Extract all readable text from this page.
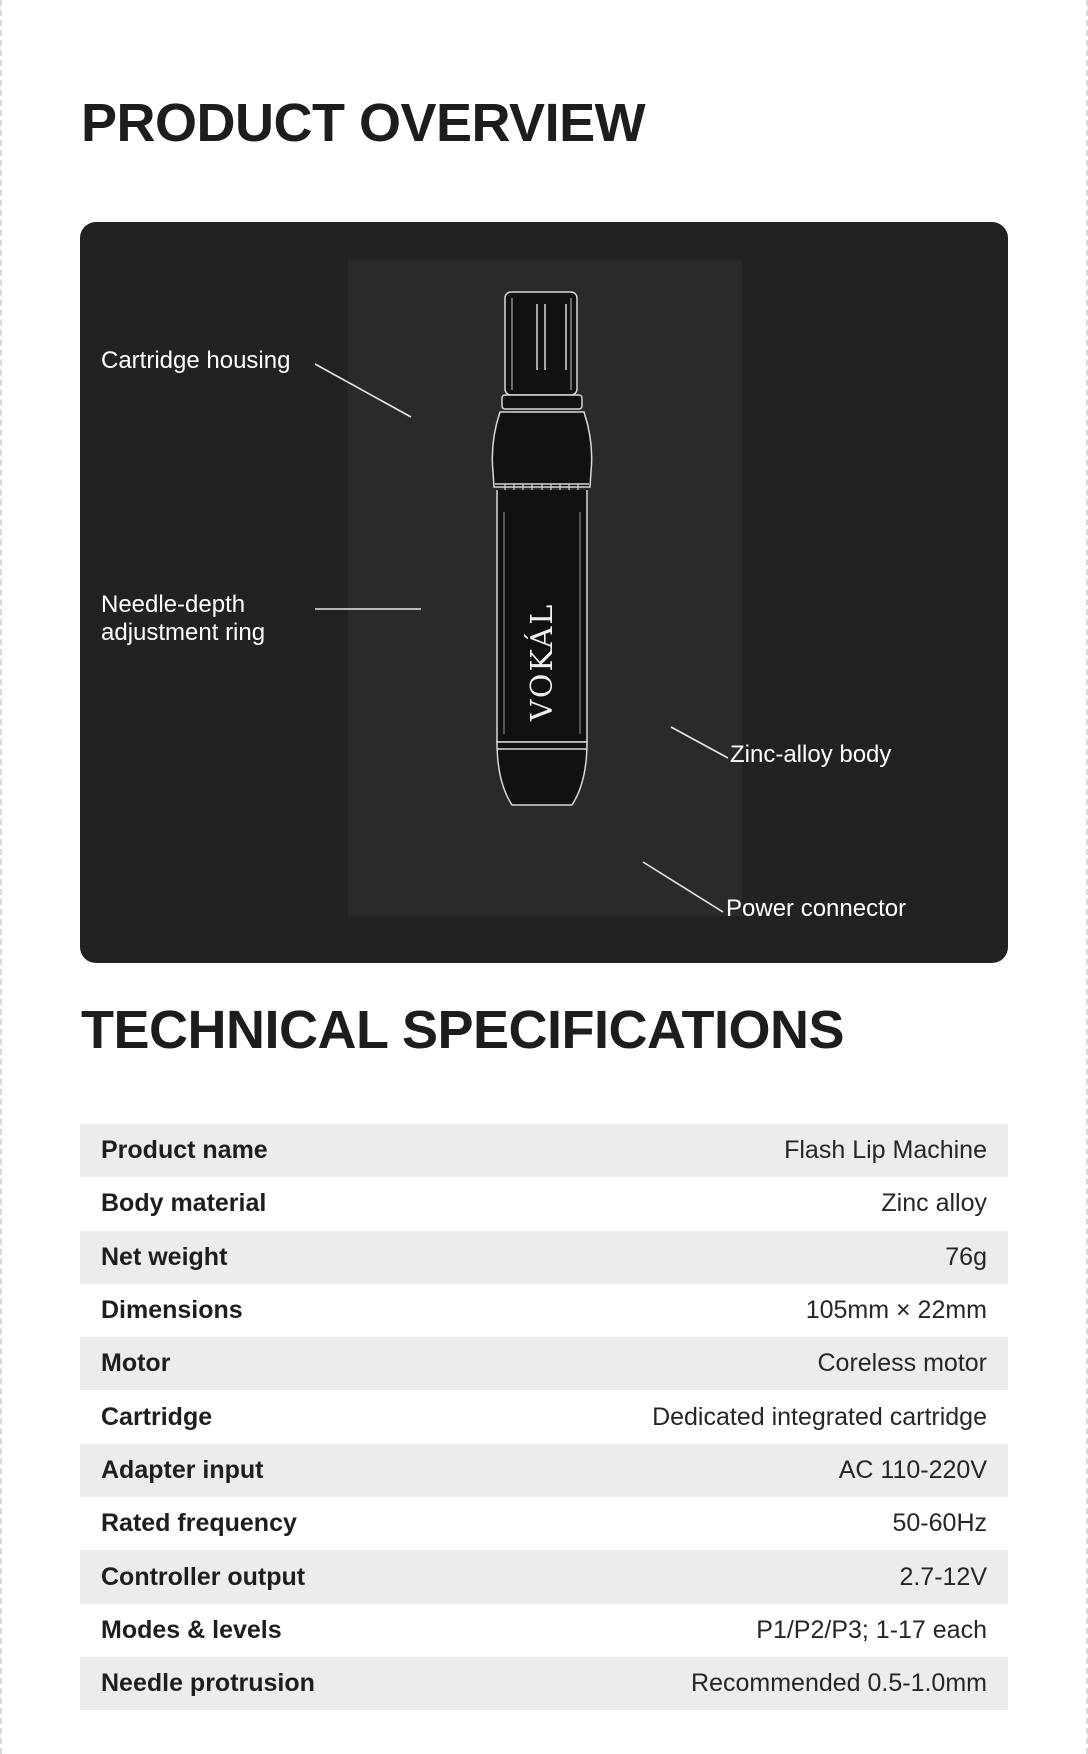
PRODUCT OVERVIEW
VOKÁL
Cartridge housing
Needle-depth
adjustment ring
Zinc-alloy body
Power connector
TECHNICAL SPECIFICATIONS
Product name	Flash Lip Machine
Body material	Zinc alloy
Net weight	76g
Dimensions	105mm × 22mm
Motor	Coreless motor
Cartridge	Dedicated integrated cartridge
Adapter input	AC 110-220V
Rated frequency	50-60Hz
Controller output	2.7-12V
Modes & levels	P1/P2/P3; 1-17 each
Needle protrusion	Recommended 0.5-1.0mm
